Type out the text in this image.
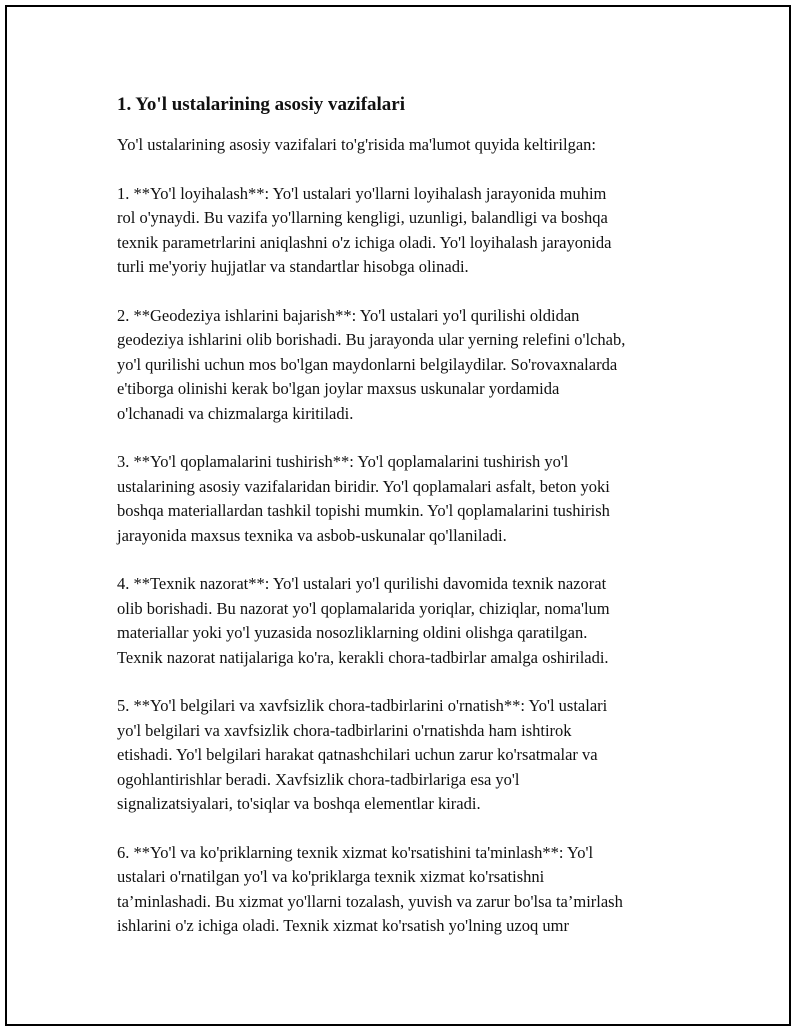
1. Yo'l ustalarining asosiy vazifalari
Yo'l ustalarining asosiy vazifalari to'g'risida ma'lumot quyida keltirilgan:
1. **Yo'l loyihalash**: Yo'l ustalari yo'llarni loyihalash jarayonida muhim
rol o'ynaydi. Bu vazifa yo'llarning kengligi, uzunligi, balandligi va boshqa
texnik parametrlarini aniqlashni o'z ichiga oladi. Yo'l loyihalash jarayonida
turli me'yoriy hujjatlar va standartlar hisobga olinadi.
2. **Geodeziya ishlarini bajarish**: Yo'l ustalari yo'l qurilishi oldidan
geodeziya ishlarini olib borishadi. Bu jarayonda ular yerning relefini o'lchab,
yo'l qurilishi uchun mos bo'lgan maydonlarni belgilaydilar. So'rovaxnalarda
e'tiborga olinishi kerak bo'lgan joylar maxsus uskunalar yordamida
o'lchanadi va chizmalarga kiritiladi.
3. **Yo'l qoplamalarini tushirish**: Yo'l qoplamalarini tushirish yo'l
ustalarining asosiy vazifalaridan biridir. Yo'l qoplamalari asfalt, beton yoki
boshqa materiallardan tashkil topishi mumkin. Yo'l qoplamalarini tushirish
jarayonida maxsus texnika va asbob-uskunalar qo'llaniladi.
4. **Texnik nazorat**: Yo'l ustalari yo'l qurilishi davomida texnik nazorat
olib borishadi. Bu nazorat yo'l qoplamalarida yoriqlar, chiziqlar, noma'lum
materiallar yoki yo'l yuzasida nosozliklarning oldini olishga qaratilgan.
Texnik nazorat natijalariga ko'ra, kerakli chora-tadbirlar amalga oshiriladi.
5. **Yo'l belgilari va xavfsizlik chora-tadbirlarini o'rnatish**: Yo'l ustalari
yo'l belgilari va xavfsizlik chora-tadbirlarini o'rnatishda ham ishtirok
etishadi. Yo'l belgilari harakat qatnashchilari uchun zarur ko'rsatmalar va
ogohlantirishlar beradi. Xavfsizlik chora-tadbirlariga esa yo'l
signalizatsiyalari, to'siqlar va boshqa elementlar kiradi.
6. **Yo'l va ko'priklarning texnik xizmat ko'rsatishini ta'minlash**: Yo'l
ustalari o'rnatilgan yo'l va ko'priklarga texnik xizmat ko'rsatishni
ta’minlashadi. Bu xizmat yo'llarni tozalash, yuvish va zarur bo'lsa ta’mirlash
ishlarini o'z ichiga oladi. Texnik xizmat ko'rsatish yo'lning uzoq umr
